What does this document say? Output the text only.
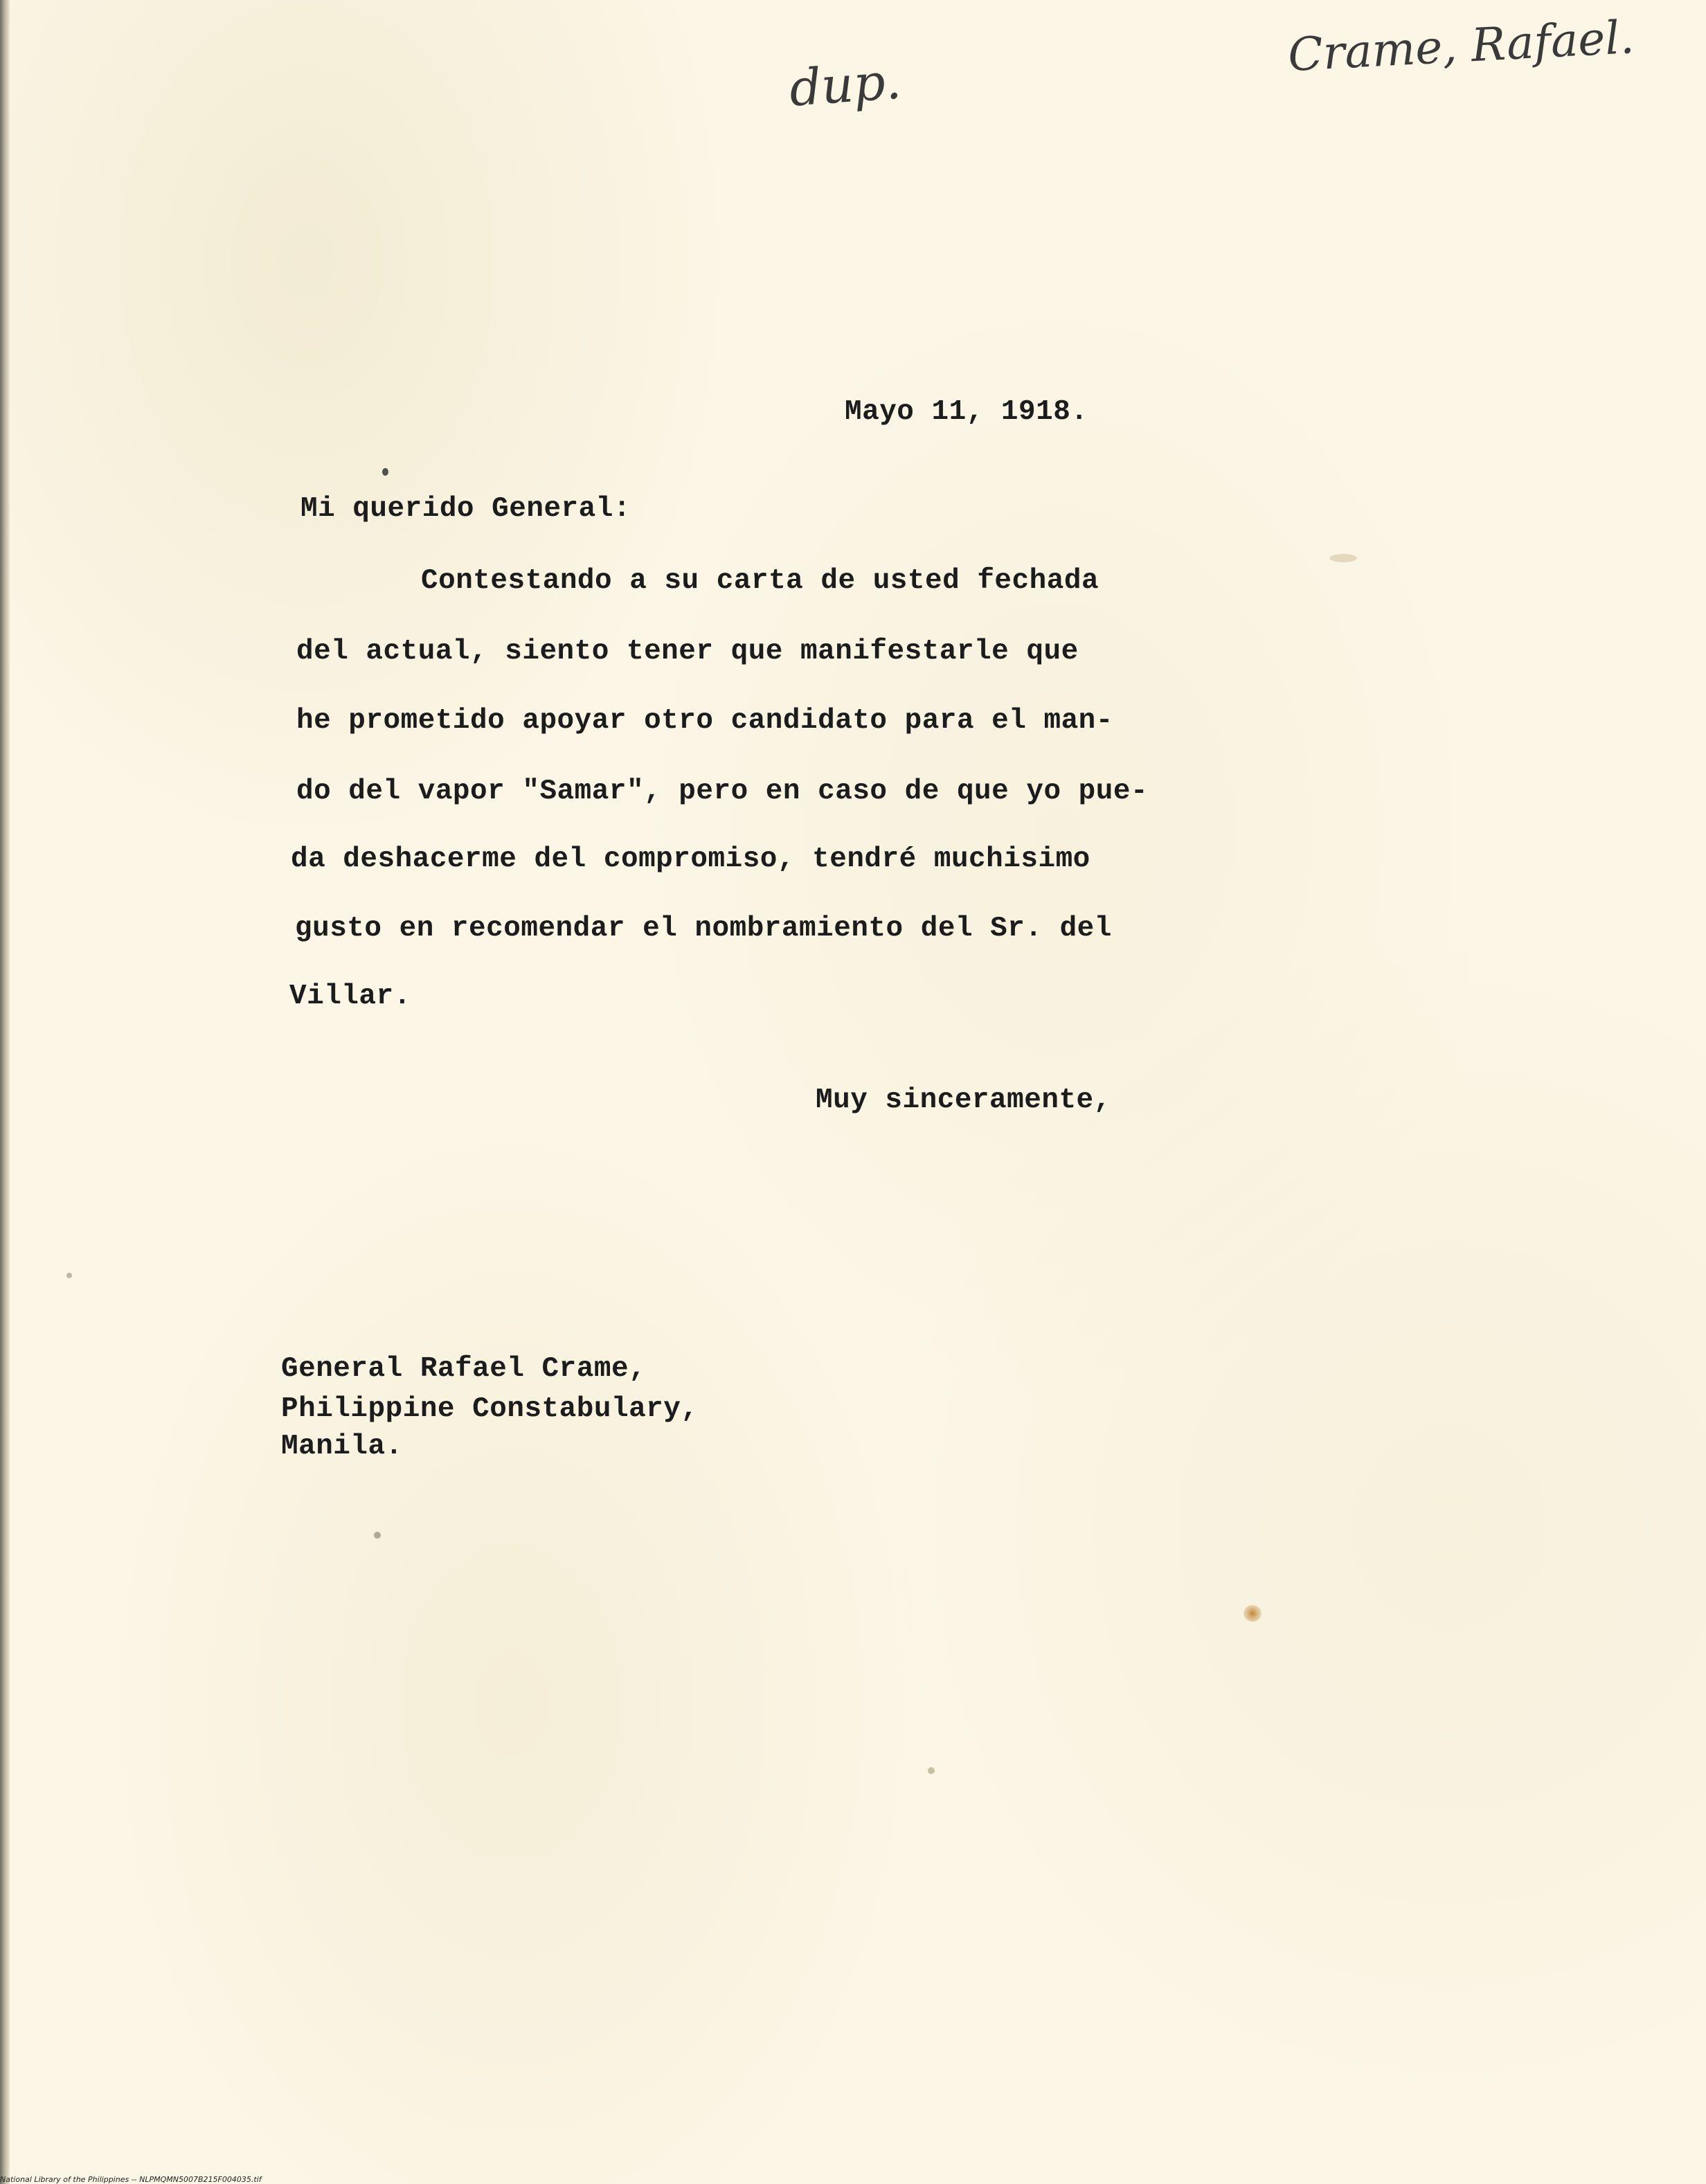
dup.
Crame, Rafael.
Mayo 11, 1918.
Mi querido General:
Contestando a su carta de usted fechada
del actual, siento tener que manifestarle que
he prometido apoyar otro candidato para el man-
do del vapor "Samar", pero en caso de que yo pue-
da deshacerme del compromiso, tendré muchisimo
gusto en recomendar el nombramiento del Sr. del
Villar.
Muy sinceramente,
General Rafael Crame,
Philippine Constabulary,
Manila.
National Library of the Philippines -- NLPMQMN5007B215F004035.tif
